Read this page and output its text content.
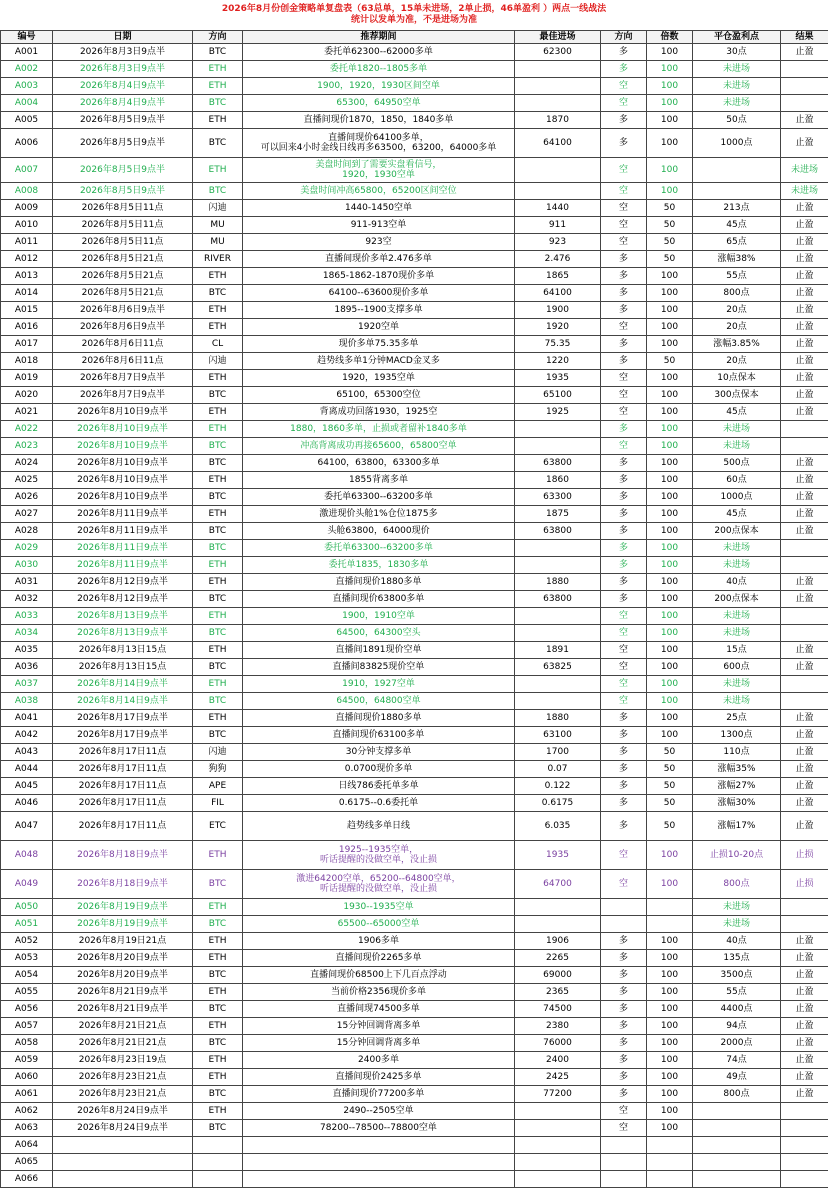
2026年8月份创金策略单复盘表（63总单，15单未进场，2单止损，46单盈利 ）两点一线战法
统计以发单为准，不是进场为准
编号	日期	方向	推荐期间	最佳进场	方向	倍数	平仓盈利点	结果
A001	2026年8月3日9点半	BTC	委托单62300--62000多单	62300	多	100	30点	止盈
A002	2026年8月3日9点半	ETH	委托单1820--1805多单		多	100	未进场	
A003	2026年8月4日9点半	ETH	1900，1920，1930区间空单		空	100	未进场	
A004	2026年8月4日9点半	BTC	65300，64950空单		空	100	未进场	
A005	2026年8月5日9点半	ETH	直播间现价1870，1850，1840多单	1870	多	100	50点	止盈
A006	2026年8月5日9点半	BTC	直播间现价64100多单，
可以回来4小时金线日线再多63500，63200，64000多单	64100	多	100	1000点	止盈
A007	2026年8月5日9点半	ETH	美盘时间到了需要实盘看信号，
1920，1930空单		空	100		未进场
A008	2026年8月5日9点半	BTC	美盘时间冲高65800，65200区间空位		空	100		未进场
A009	2026年8月5日11点	闪迪	1440-1450空单	1440	空	50	213点	止盈
A010	2026年8月5日11点	MU	911-913空单	911	空	50	45点	止盈
A011	2026年8月5日11点	MU	923空	923	空	50	65点	止盈
A012	2026年8月5日21点	RIVER	直播间现价多单2.476多单	2.476	多	50	涨幅38%	止盈
A013	2026年8月5日21点	ETH	1865-1862-1870现价多单	1865	多	100	55点	止盈
A014	2026年8月5日21点	BTC	64100--63600现价多单	64100	多	100	800点	止盈
A015	2026年8月6日9点半	ETH	1895--1900支撑多单	1900	多	100	20点	止盈
A016	2026年8月6日9点半	ETH	1920空单	1920	空	100	20点	止盈
A017	2026年8月6日11点	CL	现价多单75.35多单	75.35	多	100	涨幅3.85%	止盈
A018	2026年8月6日11点	闪迪	趋势线多单1分钟MACD金叉多	1220	多	50	20点	止盈
A019	2026年8月7日9点半	ETH	1920，1935空单	1935	空	100	10点保本	止盈
A020	2026年8月7日9点半	BTC	65100，65300空位	65100	空	100	300点保本	止盈
A021	2026年8月10日9点半	ETH	背离成功回落1930，1925空	1925	空	100	45点	止盈
A022	2026年8月10日9点半	ETH	1880，1860多单，止损或者留补1840多单		多	100	未进场	
A023	2026年8月10日9点半	BTC	冲高背离成功再接65600，65800空单		空	100	未进场	
A024	2026年8月10日9点半	BTC	64100，63800，63300多单	63800	多	100	500点	止盈
A025	2026年8月10日9点半	ETH	1855背离多单	1860	多	100	60点	止盈
A026	2026年8月10日9点半	BTC	委托单63300--63200多单	63300	多	100	1000点	止盈
A027	2026年8月11日9点半	ETH	激进现价头舱1%仓位1875多	1875	多	100	45点	止盈
A028	2026年8月11日9点半	BTC	头舱63800，64000现价	63800	多	100	200点保本	止盈
A029	2026年8月11日9点半	BTC	委托单63300--63200多单		多	100	未进场	
A030	2026年8月11日9点半	ETH	委托单1835，1830多单		多	100	未进场	
A031	2026年8月12日9点半	ETH	直播间现价1880多单	1880	多	100	40点	止盈
A032	2026年8月12日9点半	BTC	直播间现价63800多单	63800	多	100	200点保本	止盈
A033	2026年8月13日9点半	ETH	1900，1910空单		空	100	未进场	
A034	2026年8月13日9点半	BTC	64500，64300空头		空	100	未进场	
A035	2026年8月13日15点	ETH	直播间1891现价空单	1891	空	100	15点	止盈
A036	2026年8月13日15点	BTC	直播间83825现价空单	63825	空	100	600点	止盈
A037	2026年8月14日9点半	ETH	1910，1927空单		空	100	未进场	
A038	2026年8月14日9点半	BTC	64500，64800空单		空	100	未进场	
A041	2026年8月17日9点半	ETH	直播间现价1880多单	1880	多	100	25点	止盈
A042	2026年8月17日9点半	BTC	直播间现价63100多单	63100	多	100	1300点	止盈
A043	2026年8月17日11点	闪迪	30分钟支撑多单	1700	多	50	110点	止盈
A044	2026年8月17日11点	狗狗	0.0700现价多单	0.07	多	50	涨幅35%	止盈
A045	2026年8月17日11点	APE	日线786委托单多单	0.122	多	50	涨幅27%	止盈
A046	2026年8月17日11点	FIL	0.6175--0.6委托单	0.6175	多	50	涨幅30%	止盈
A047	2026年8月17日11点	ETC	趋势线多单日线	6.035	多	50	涨幅17%	止盈
A048	2026年8月18日9点半	ETH	1925--1935空单，
听话提醒的没做空单，没止损	1935	空	100	止损10-20点	止损
A049	2026年8月18日9点半	BTC	激进64200空单，65200--64800空单，
听话提醒的没做空单，没止损	64700	空	100	800点	止损
A050	2026年8月19日9点半	ETH	1930--1935空单				未进场	
A051	2026年8月19日9点半	BTC	65500--65000空单				未进场	
A052	2026年8月19日21点	ETH	1906多单	1906	多	100	40点	止盈
A053	2026年8月20日9点半	ETH	直播间现价2265多单	2265	多	100	135点	止盈
A054	2026年8月20日9点半	BTC	直播间现价68500上下几百点浮动	69000	多	100	3500点	止盈
A055	2026年8月21日9点半	ETH	当前价格2356现价多单	2365	多	100	55点	止盈
A056	2026年8月21日9点半	BTC	直播间现74500多单	74500	多	100	4400点	止盈
A057	2026年8月21日21点	ETH	15分钟回调背离多单	2380	多	100	94点	止盈
A058	2026年8月21日21点	BTC	15分钟回调背离多单	76000	多	100	2000点	止盈
A059	2026年8月23日19点	ETH	2400多单	2400	多	100	74点	止盈
A060	2026年8月23日21点	ETH	直播间现价2425多单	2425	多	100	49点	止盈
A061	2026年8月23日21点	BTC	直播间现价77200多单	77200	多	100	800点	止盈
A062	2026年8月24日9点半	ETH	2490--2505空单		空	100		
A063	2026年8月24日9点半	BTC	78200--78500--78800空单		空	100		
A064								
A065								
A066								
